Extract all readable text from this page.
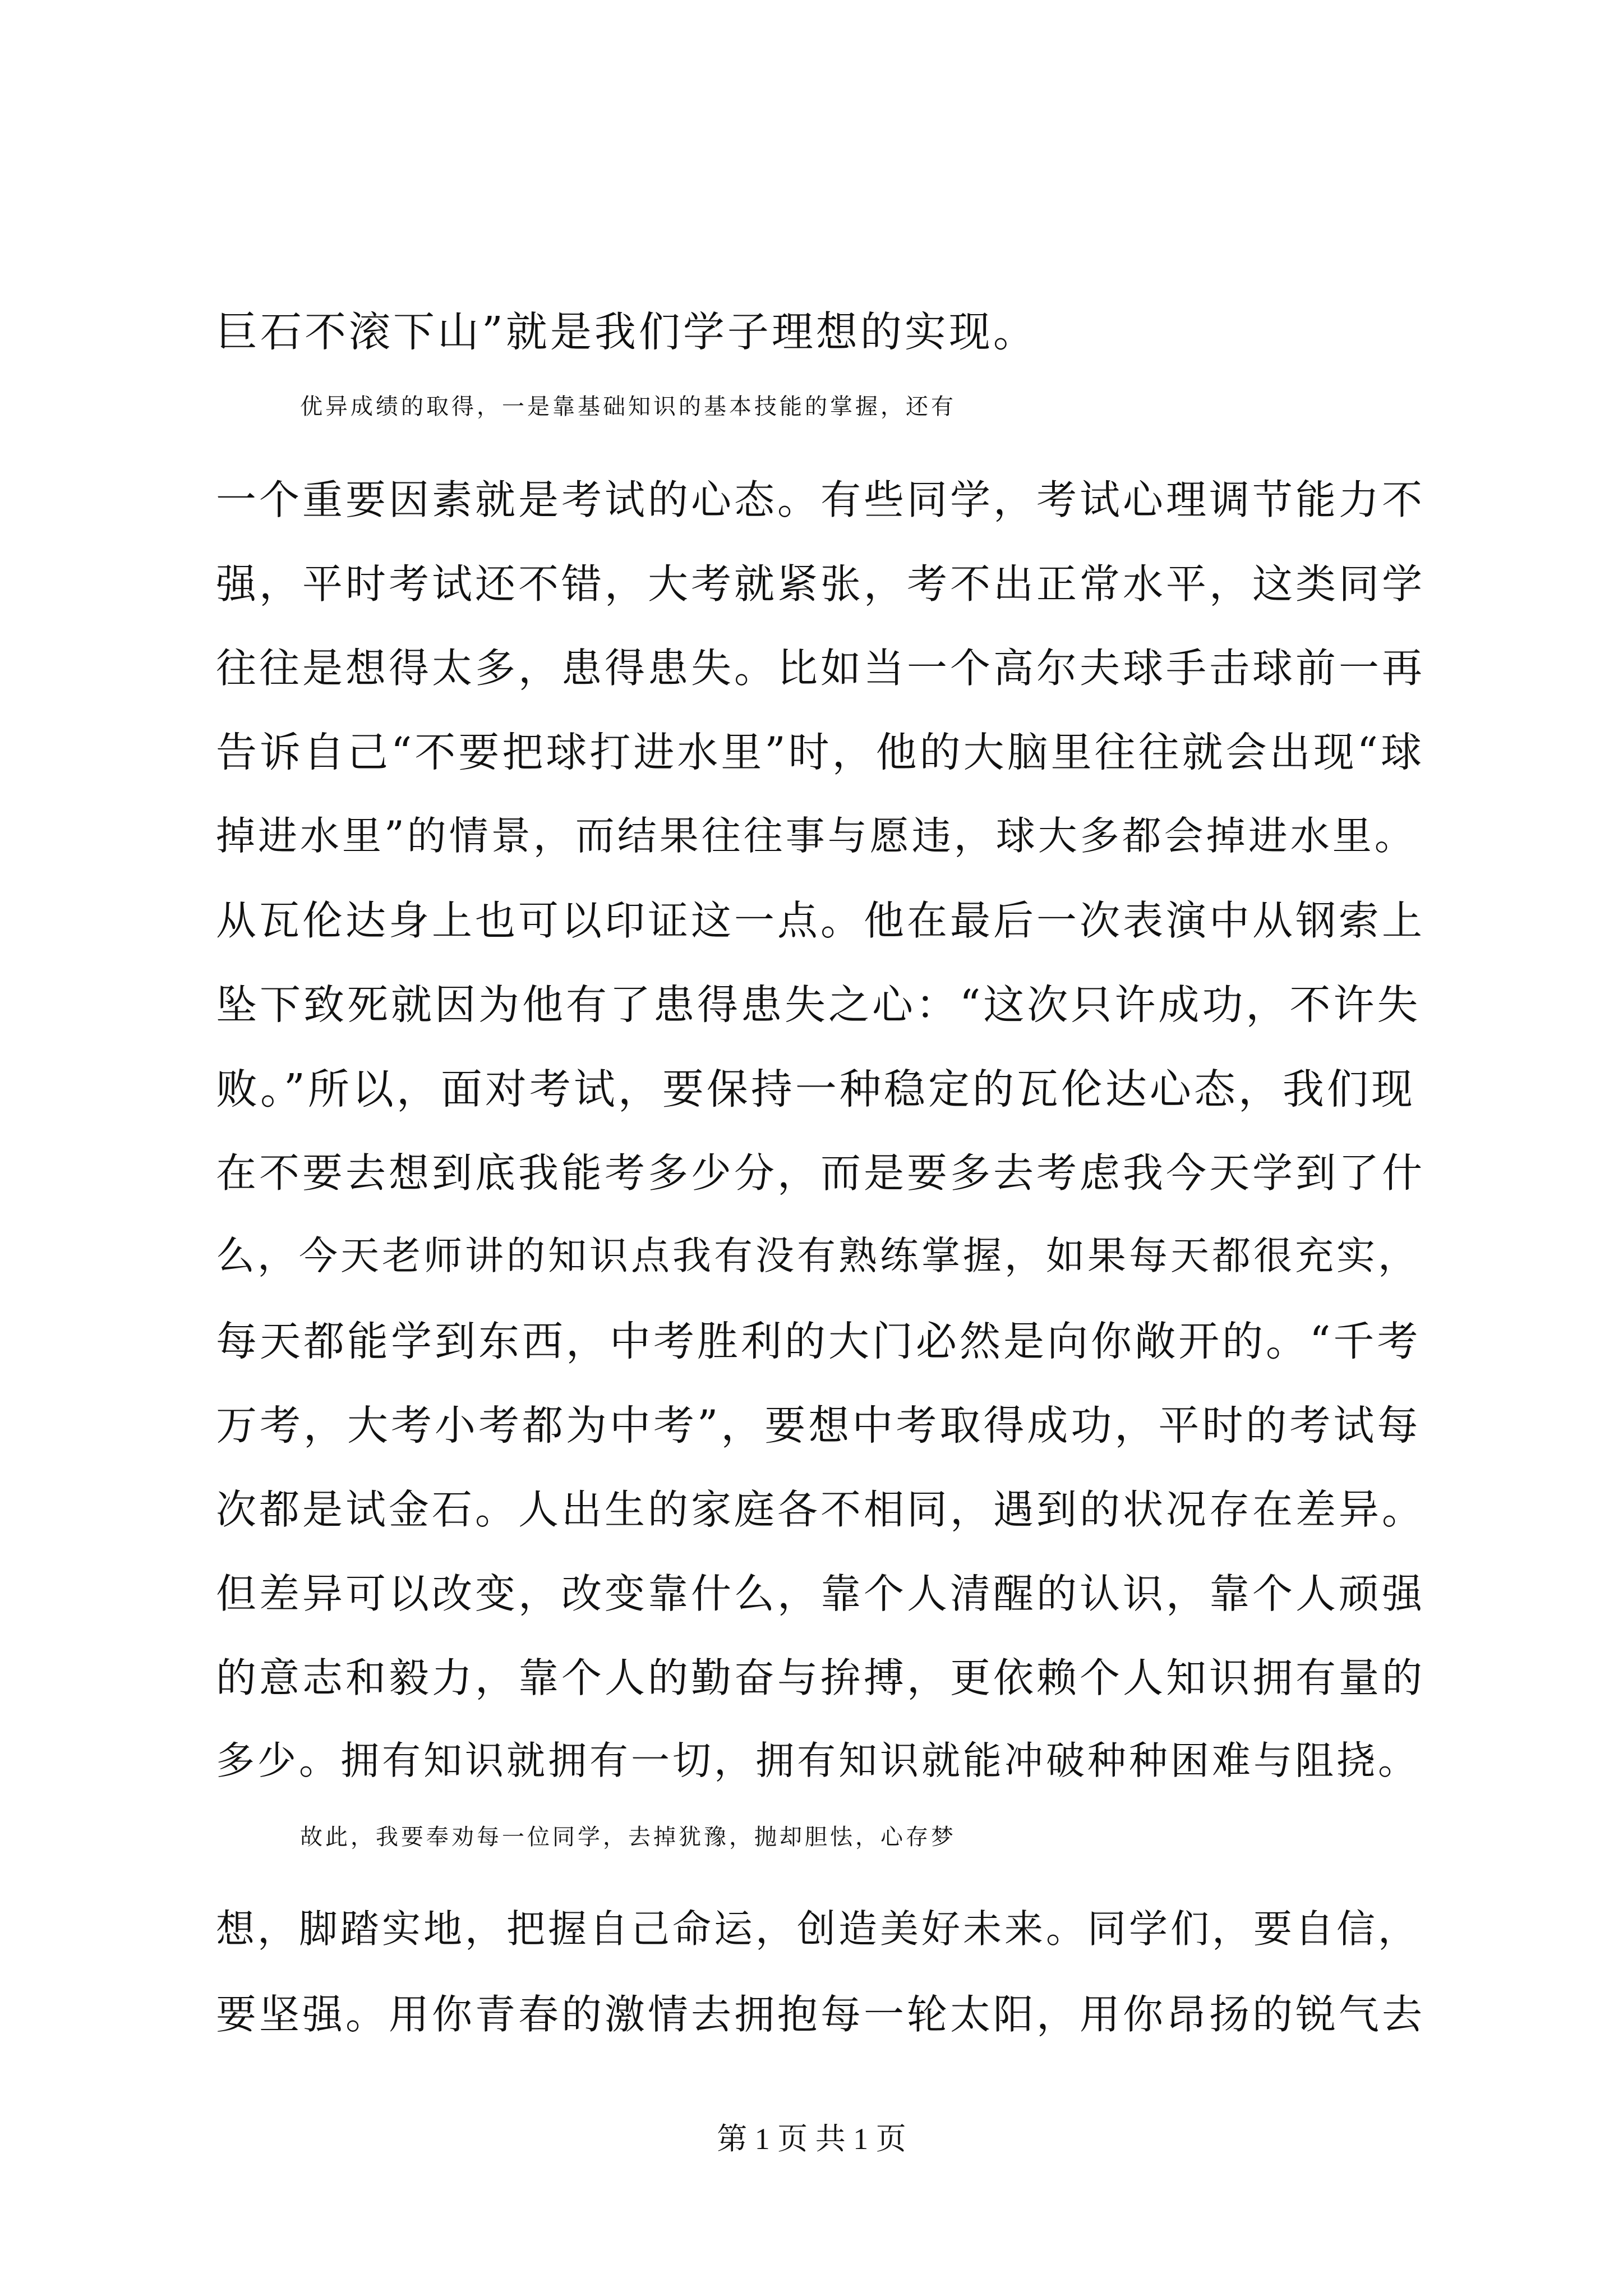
巨石不滚下山”就是我们学子理想的实现。
优异成绩的取得，一是靠基础知识的基本技能的掌握，还有
一个重要因素就是考试的心态。有些同学，考试心理调节能力不
强，平时考试还不错，大考就紧张，考不出正常水平，这类同学
往往是想得太多，患得患失。比如当一个高尔夫球手击球前一再
告诉自己“不要把球打进水里”时，他的大脑里往往就会出现“球
掉进水里”的情景，而结果往往事与愿违，球大多都会掉进水里。
从瓦伦达身上也可以印证这一点。他在最后一次表演中从钢索上
坠下致死就因为他有了患得患失之心：“这次只许成功，不许失
败。”所以，面对考试，要保持一种稳定的瓦伦达心态，我们现
在不要去想到底我能考多少分，而是要多去考虑我今天学到了什
么，今天老师讲的知识点我有没有熟练掌握，如果每天都很充实，
每天都能学到东西，中考胜利的大门必然是向你敞开的。“千考
万考，大考小考都为中考”，要想中考取得成功，平时的考试每
次都是试金石。人出生的家庭各不相同，遇到的状况存在差异。
但差异可以改变，改变靠什么，靠个人清醒的认识，靠个人顽强
的意志和毅力，靠个人的勤奋与拚搏，更依赖个人知识拥有量的
多少。拥有知识就拥有一切，拥有知识就能冲破种种困难与阻挠。
故此，我要奉劝每一位同学，去掉犹豫，抛却胆怯，心存梦
想，脚踏实地，把握自己命运，创造美好未来。同学们，要自信，
要坚强。用你青春的激情去拥抱每一轮太阳，用你昂扬的锐气去
第 1 页 共 1 页
